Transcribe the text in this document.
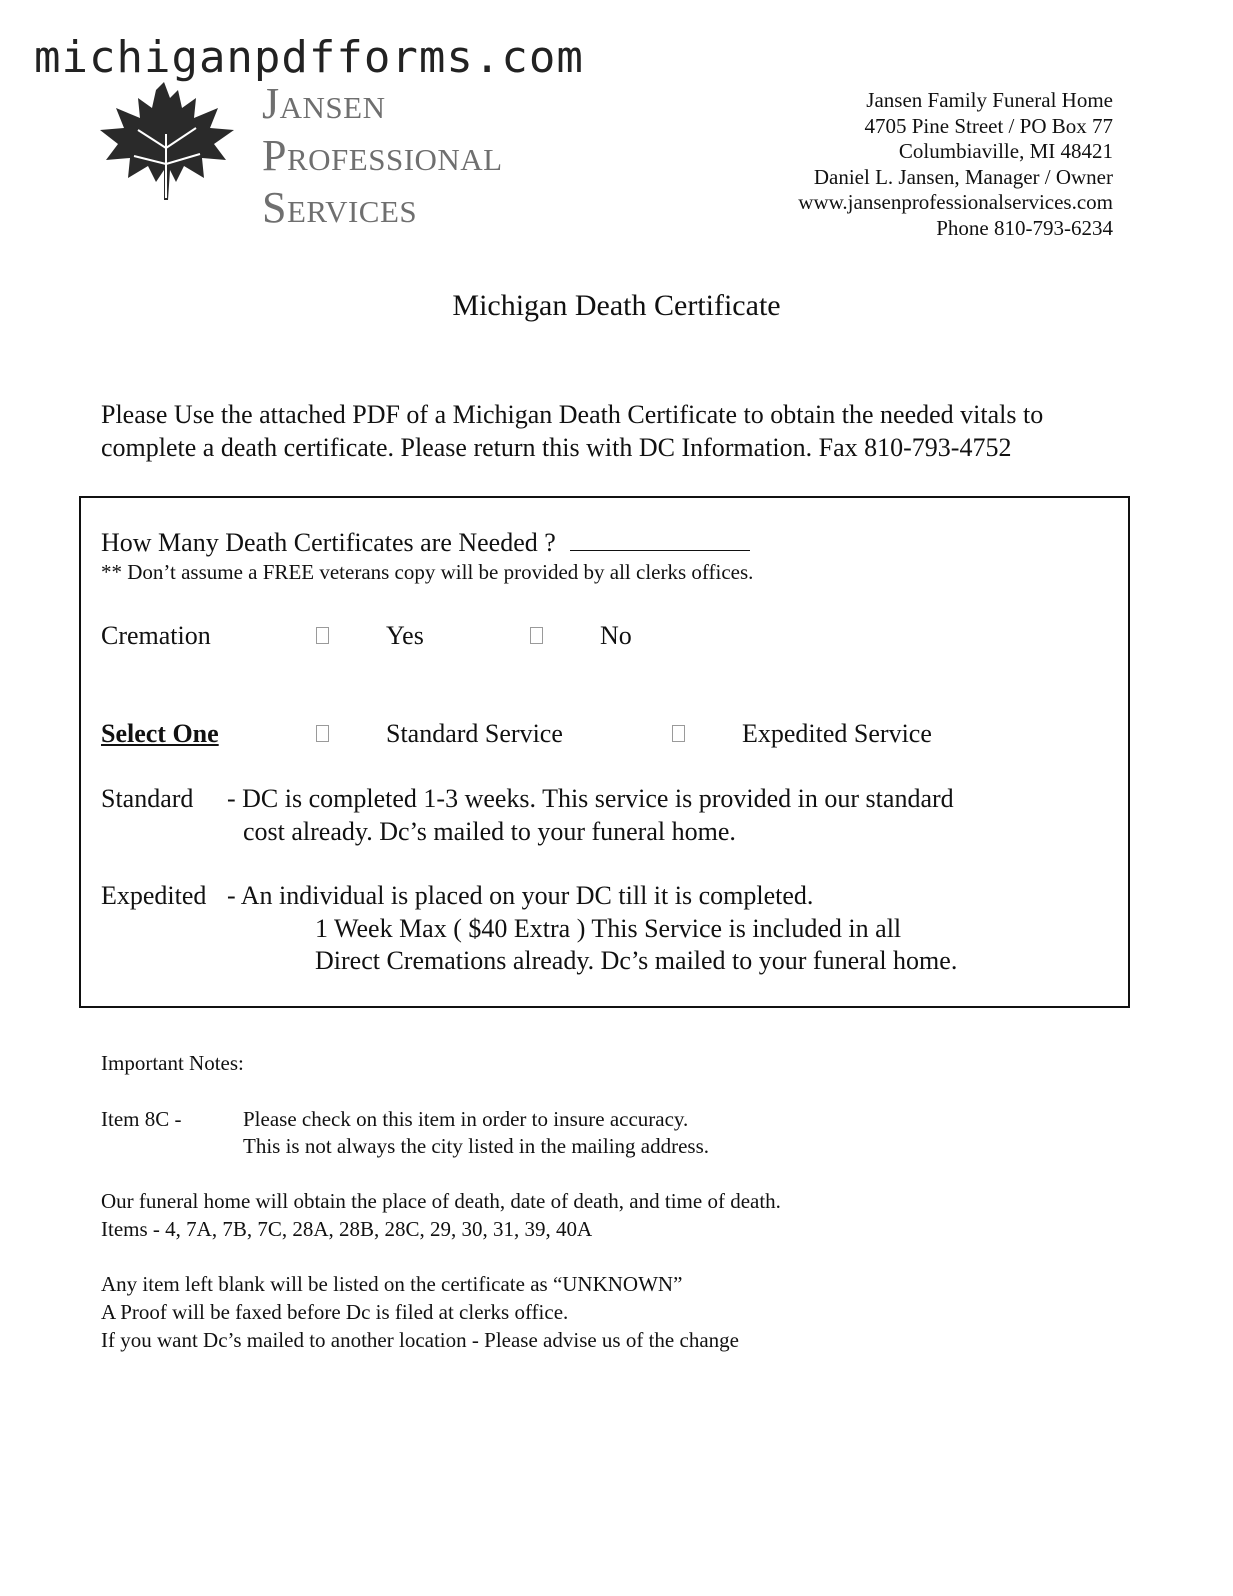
michiganpdfforms.com
Jansen
Professional
Services
Jansen Family Funeral Home
4705 Pine Street / PO Box 77
Columbiaville, MI 48421
Daniel L. Jansen, Manager / Owner
www.jansenprofessionalservices.com
Phone 810-793-6234
Michigan Death Certificate
Please Use the attached PDF of a Michigan Death Certificate to obtain the needed vitals to
complete a death certificate. Please return this with DC Information. Fax 810-793-4752
How Many Death Certificates are Needed ?
** Don’t assume a FREE veterans copy will be provided by all clerks offices.
Cremation	Yes	No
Select One	Standard Service	Expedited Service
Standard - DC is completed 1-3 weeks. This service is provided in our standard
cost already. Dc’s mailed to your funeral home.
Expedited - An individual is placed on your DC till it is completed.
1 Week Max ( $40 Extra ) This Service is included in all
Direct Cremations already. Dc’s mailed to your funeral home.
Important Notes:
Item 8C -	Please check on this item in order to insure accuracy.
This is not always the city listed in the mailing address.
Our funeral home will obtain the place of death, date of death, and time of death.
Items - 4, 7A, 7B, 7C, 28A, 28B, 28C, 29, 30, 31, 39, 40A
Any item left blank will be listed on the certificate as “UNKNOWN”
A Proof will be faxed before Dc is filed at clerks office.
If you want Dc’s mailed to another location - Please advise us of the change
